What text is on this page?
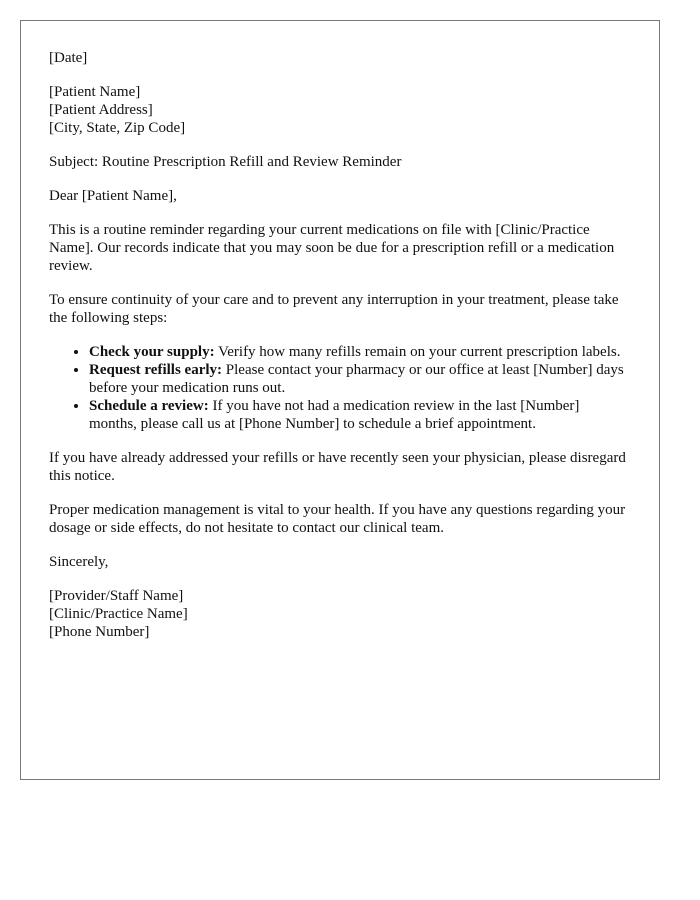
[Date]
[Patient Name]
[Patient Address]
[City, State, Zip Code]

Subject: Routine Prescription Refill and Review Reminder

Dear [Patient Name],

This is a routine reminder regarding your current medications on file with [Clinic/Practice Name]. Our records indicate that you may soon be due for a prescription refill or a medication review.

To ensure continuity of your care and to prevent any interruption in your treatment, please take the following steps:

• Check your supply: Verify how many refills remain on your current prescription labels.
• Request refills early: Please contact your pharmacy or our office at least [Number] days before your medication runs out.
• Schedule a review: If you have not had a medication review in the last [Number] months, please call us at [Phone Number] to schedule a brief appointment.

If you have already addressed your refills or have recently seen your physician, please disregard this notice.

Proper medication management is vital to your health. If you have any questions regarding your dosage or side effects, do not hesitate to contact our clinical team.

Sincerely,

[Provider/Staff Name]
[Clinic/Practice Name]
[Phone Number]
